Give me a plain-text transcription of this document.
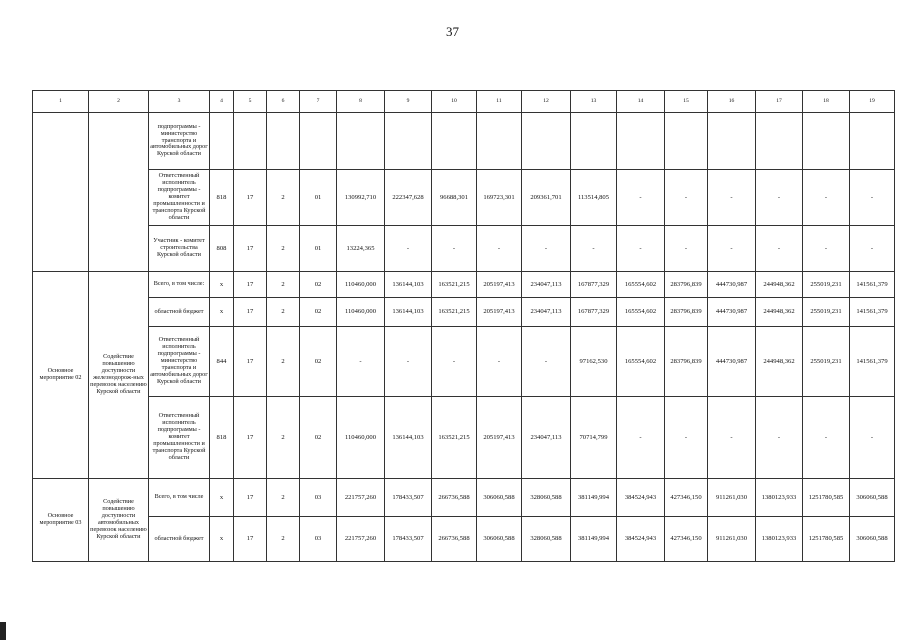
37
1	2	3	4	5	6	7	8	9	10	11	12	13	14	15	16	17	18	19
		подпрограммы - министерство транспорта и автомобильных дорог Курской области																
		Ответственный исполнитель подпрограммы - комитет промышленности и транспорта Курской области	818	17	2	01	130992,710	222347,628	96688,301	169723,301	209361,701	113514,805	-	-	-	-	-	-
		Участник - комитет строительства Курской области	808	17	2	01	13224,365	-	-	-	-	-	-	-	-	-	-	-
Основное мероприятие 02	Содействие повышению доступности железнодорож-ных перевозок населению Курской области	Всего, в том числе:	x	17	2	02	110460,000	136144,103	163521,215	205197,413	234047,113	167877,329	165554,602	283796,839	444730,987	244948,362	255019,231	141561,379
		областной бюджет	x	17	2	02	110460,000	136144,103	163521,215	205197,413	234047,113	167877,329	165554,602	283796,839	444730,987	244948,362	255019,231	141561,379
		Ответственный исполнитель подпрограммы - министерство транспорта и автомобильных дорог Курской области	844	17	2	02	-	-	-	-	-	97162,530	165554,602	283796,839	444730,987	244948,362	255019,231	141561,379
		Ответственный исполнитель подпрограммы - комитет промышленности и транспорта Курской области	818	17	2	02	110460,000	136144,103	163521,215	205197,413	234047,113	70714,799	-	-	-	-	-	-
Основное мероприятие 03	Содействие повышению доступности автомобильных перевозок населению Курской области	Всего, в том числе	x	17	2	03	221757,260	178433,507	266736,588	306060,588	328060,588	381149,994	384524,943	427346,150	911261,030	1380123,933	1251780,585	306060,588
		областной бюджет	x	17	2	03	221757,260	178433,507	266736,588	306060,588	328060,588	381149,994	384524,943	427346,150	911261,030	1380123,933	1251780,585	306060,588
